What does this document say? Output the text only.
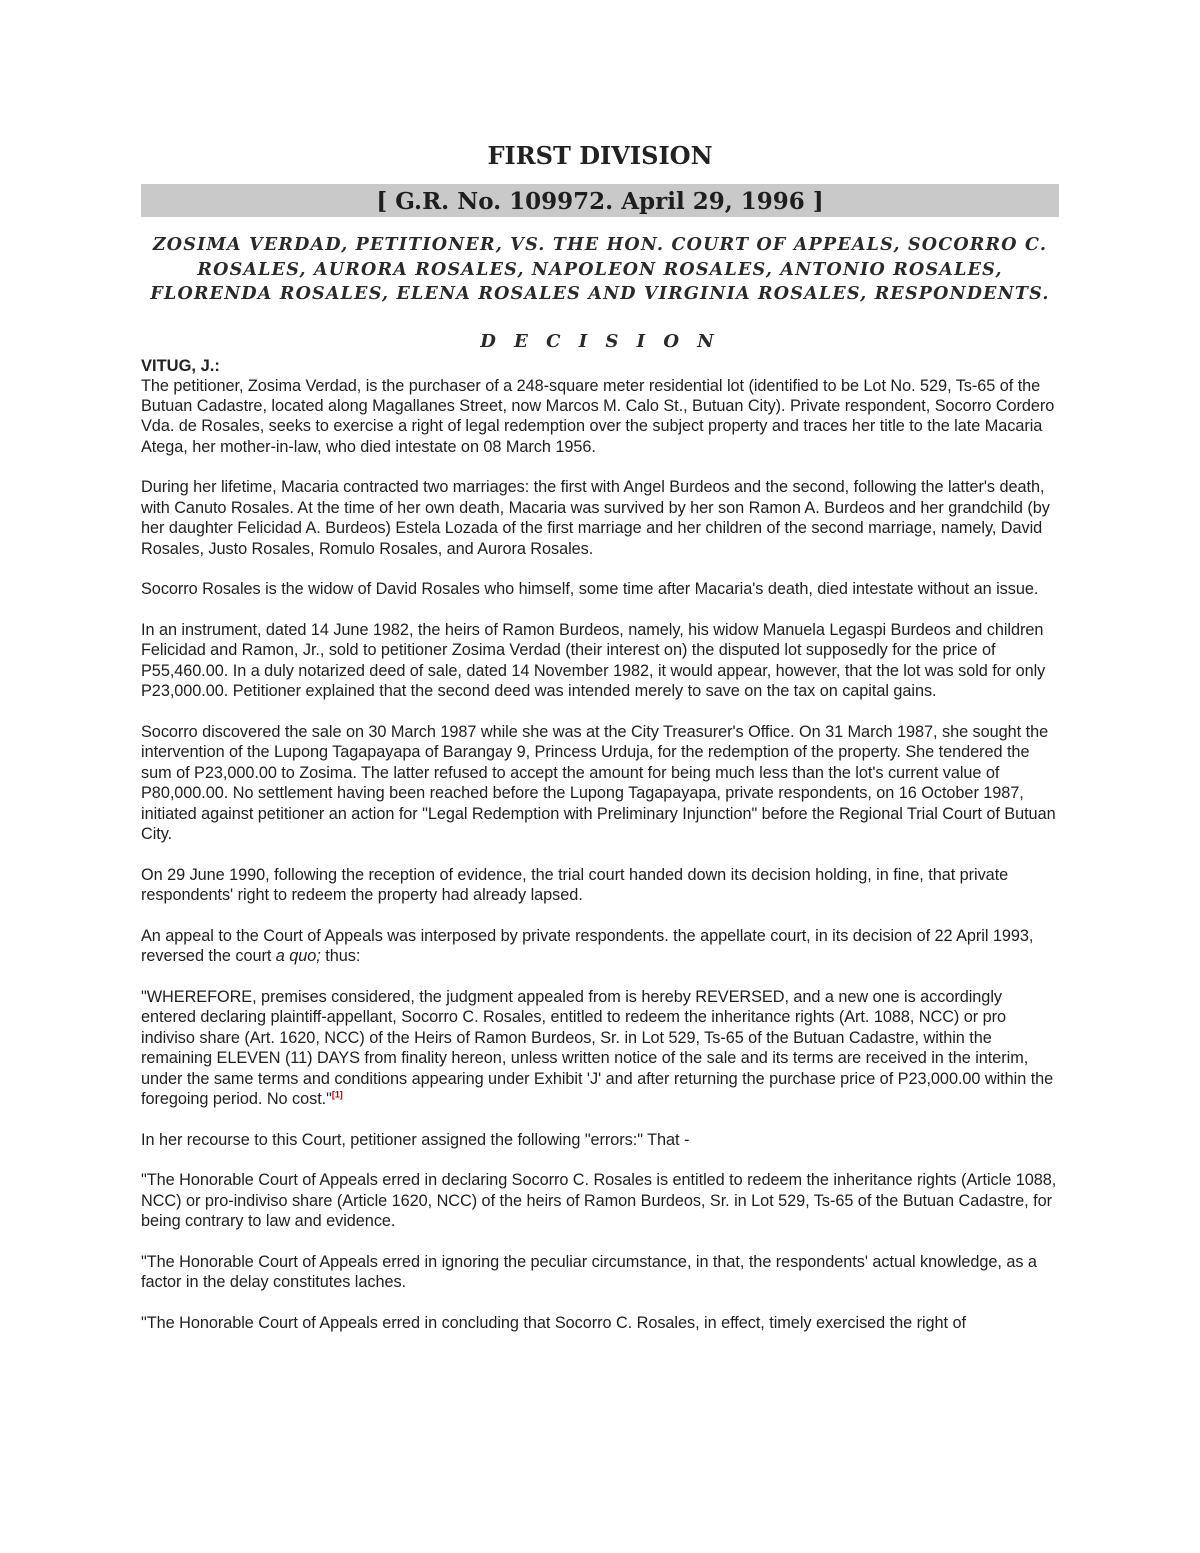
FIRST DIVISION
[ G.R. No. 109972. April 29, 1996 ]
ZOSIMA VERDAD, PETITIONER, VS. THE HON. COURT OF APPEALS, SOCORRO C. ROSALES, AURORA ROSALES, NAPOLEON ROSALES, ANTONIO ROSALES, FLORENDA ROSALES, ELENA ROSALES AND VIRGINIA ROSALES, RESPONDENTS.
D E C I S I O N
VITUG, J.:

The petitioner, Zosima Verdad, is the purchaser of a 248-square meter residential lot (identified to be Lot No. 529, Ts-65 of the Butuan Cadastre, located along Magallanes Street, now Marcos M. Calo St., Butuan City). Private respondent, Socorro Cordero Vda. de Rosales, seeks to exercise a right of legal redemption over the subject property and traces her title to the late Macaria Atega, her mother-in-law, who died intestate on 08 March 1956.

During her lifetime, Macaria contracted two marriages: the first with Angel Burdeos and the second, following the latter's death, with Canuto Rosales. At the time of her own death, Macaria was survived by her son Ramon A. Burdeos and her grandchild (by her daughter Felicidad A. Burdeos) Estela Lozada of the first marriage and her children of the second marriage, namely, David Rosales, Justo Rosales, Romulo Rosales, and Aurora Rosales.

Socorro Rosales is the widow of David Rosales who himself, some time after Macaria's death, died intestate without an issue.

In an instrument, dated 14 June 1982, the heirs of Ramon Burdeos, namely, his widow Manuela Legaspi Burdeos and children Felicidad and Ramon, Jr., sold to petitioner Zosima Verdad (their interest on) the disputed lot supposedly for the price of P55,460.00. In a duly notarized deed of sale, dated 14 November 1982, it would appear, however, that the lot was sold for only P23,000.00. Petitioner explained that the second deed was intended merely to save on the tax on capital gains.

Socorro discovered the sale on 30 March 1987 while she was at the City Treasurer's Office. On 31 March 1987, she sought the intervention of the Lupong Tagapayapa of Barangay 9, Princess Urduja, for the redemption of the property. She tendered the sum of P23,000.00 to Zosima. The latter refused to accept the amount for being much less than the lot's current value of P80,000.00. No settlement having been reached before the Lupong Tagapayapa, private respondents, on 16 October 1987, initiated against petitioner an action for "Legal Redemption with Preliminary Injunction" before the Regional Trial Court of Butuan City.

On 29 June 1990, following the reception of evidence, the trial court handed down its decision holding, in fine, that private respondents' right to redeem the property had already lapsed.

An appeal to the Court of Appeals was interposed by private respondents. the appellate court, in its decision of 22 April 1993, reversed the court a quo; thus:

"WHEREFORE, premises considered, the judgment appealed from is hereby REVERSED, and a new one is accordingly entered declaring plaintiff-appellant, Socorro C. Rosales, entitled to redeem the inheritance rights (Art. 1088, NCC) or pro indiviso share (Art. 1620, NCC) of the Heirs of Ramon Burdeos, Sr. in Lot 529, Ts-65 of the Butuan Cadastre, within the remaining ELEVEN (11) DAYS from finality hereon, unless written notice of the sale and its terms are received in the interim, under the same terms and conditions appearing under Exhibit 'J' and after returning the purchase price of P23,000.00 within the foregoing period. No cost."[1]

In her recourse to this Court, petitioner assigned the following "errors:" That -

"The Honorable Court of Appeals erred in declaring Socorro C. Rosales is entitled to redeem the inheritance rights (Article 1088, NCC) or pro-indiviso share (Article 1620, NCC) of the heirs of Ramon Burdeos, Sr. in Lot 529, Ts-65 of the Butuan Cadastre, for being contrary to law and evidence.

"The Honorable Court of Appeals erred in ignoring the peculiar circumstance, in that, the respondents' actual knowledge, as a factor in the delay constitutes laches.

"The Honorable Court of Appeals erred in concluding that Socorro C. Rosales, in effect, timely exercised the right of
